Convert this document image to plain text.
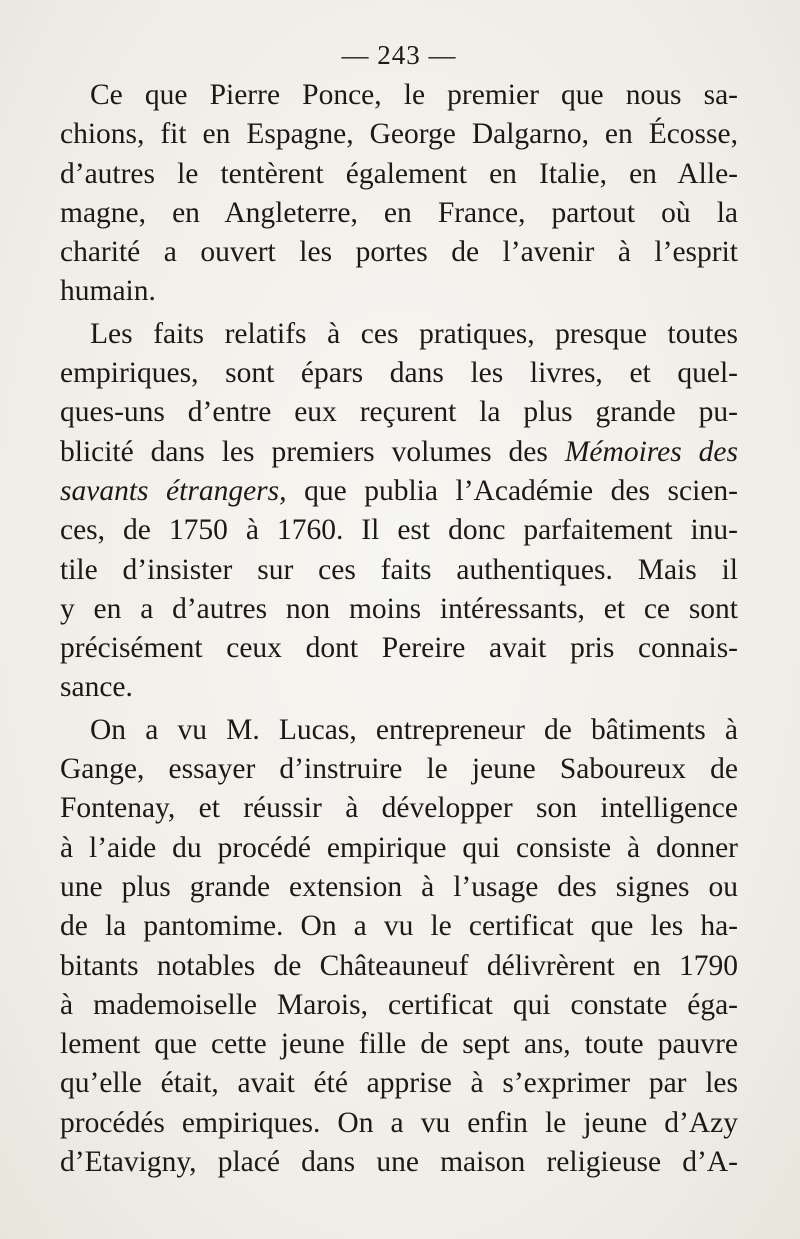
— 243 —
Ce que Pierre Ponce, le premier que nous sa-
chions, fit en Espagne, George Dalgarno, en Écosse,
d’autres le tentèrent également en Italie, en Alle-
magne, en Angleterre, en France, partout où la
charité a ouvert les portes de l’avenir à l’esprit
humain.
Les faits relatifs à ces pratiques, presque toutes
empiriques, sont épars dans les livres, et quel-
ques-uns d’entre eux reçurent la plus grande pu-
blicité dans les premiers volumes des Mémoires des
savants étrangers, que publia l’Académie des scien-
ces, de 1750 à 1760. Il est donc parfaitement inu-
tile d’insister sur ces faits authentiques. Mais il
y en a d’autres non moins intéressants, et ce sont
précisément ceux dont Pereire avait pris connais-
sance.
On a vu M. Lucas, entrepreneur de bâtiments à
Gange, essayer d’instruire le jeune Saboureux de
Fontenay, et réussir à développer son intelligence
à l’aide du procédé empirique qui consiste à donner
une plus grande extension à l’usage des signes ou
de la pantomime. On a vu le certificat que les ha-
bitants notables de Châteauneuf délivrèrent en 1790
à mademoiselle Marois, certificat qui constate éga-
lement que cette jeune fille de sept ans, toute pauvre
qu’elle était, avait été apprise à s’exprimer par les
procédés empiriques. On a vu enfin le jeune d’Azy
d’Etavigny, placé dans une maison religieuse d’A-
